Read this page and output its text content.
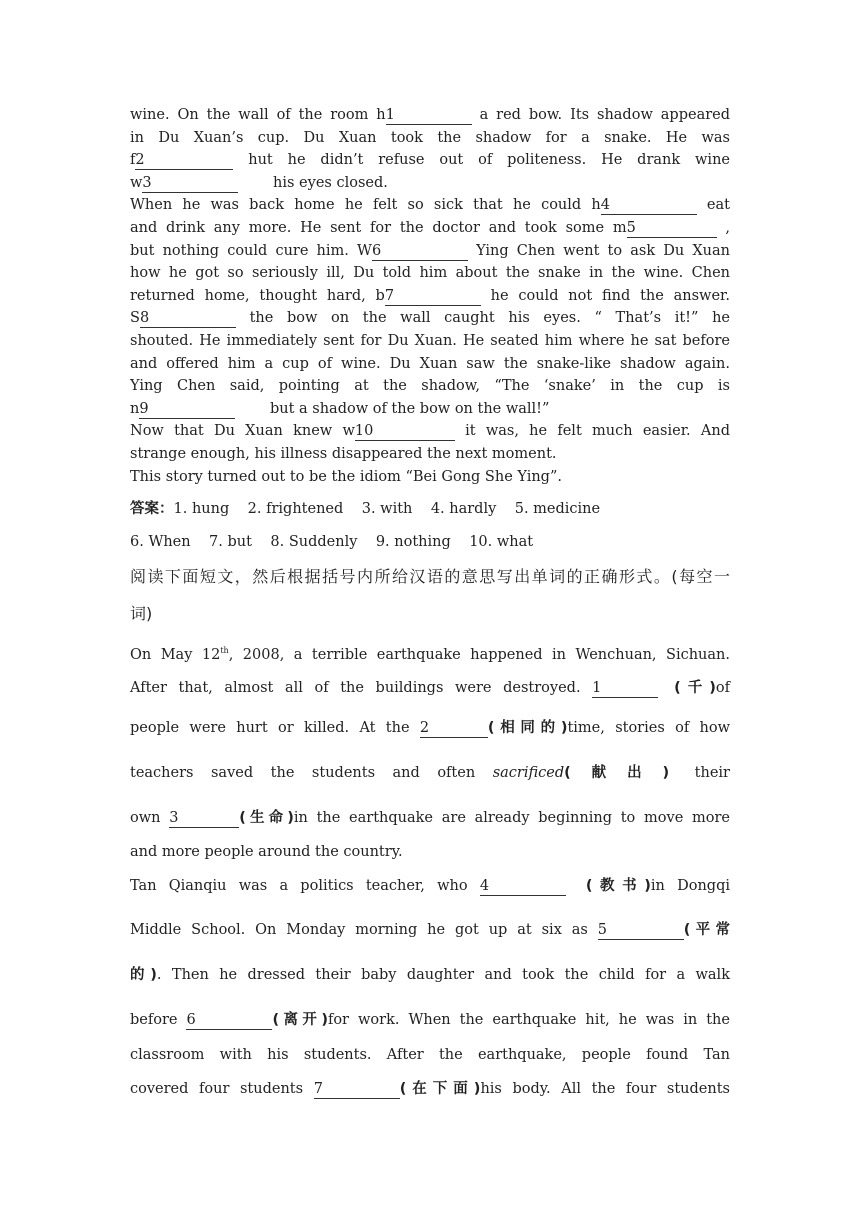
wine. On the wall of the room h1	a red bow. Its shadow appeared
in Du Xuan’s cup. Du Xuan took the shadow for a snake. He was
f2	hut he didn’t refuse out of politeness. He drank wine
w3	his eyes closed.
When he was back home he felt so sick that he could h4	eat
and drink any more. He sent for the doctor and took some m5	,
but nothing could cure him. W6	Ying Chen went to ask Du Xuan
how he got so seriously ill, Du told him about the snake in the wine. Chen
returned home, thought hard, b7	he could not find the answer.
S8	the bow on the wall caught his eyes. “ That’s it!” he
shouted. He immediately sent for Du Xuan. He seated him where he sat before
and offered him a cup of wine. Du Xuan saw the snake-like shadow again.
Ying Chen said, pointing at the shadow, “The ‘snake’ in the cup is
n9	but a shadow of the bow on the wall!”
Now that Du Xuan knew w10	it was, he felt much easier. And
strange enough, his illness disappeared the next moment.
This story turned out to be the idiom “Bei Gong She Ying”.
答案：1. hung    2. frightened    3. with    4. hardly    5. medicine
6. When    7. but    8. Suddenly    9. nothing    10. what
阅读下面短文，然后根据括号内所给汉语的意思写出单词的正确形式。(每空一
词)
On May 12th, 2008, a terrible earthquake happened in Wenchuan, Sichuan.
After that, almost all of the buildings were destroyed. 1	(千)of
people were hurt or killed. At the 2	(相同的)time, stories of how
teachers saved the students and often sacrificed(献出) their
own 3	(生命)in the earthquake are already beginning to move more
and more people around the country.
Tan Qianqiu was a politics teacher, who 4	(教书)in Dongqi
Middle School. On Monday morning he got up at six as 5	(平常
的). Then he dressed their baby daughter and took the child for a walk
before 6	(离开)for work. When the earthquake hit, he was in the
classroom with his students. After the earthquake, people found Tan
covered four students 7	(在下面)his body. All the four students
